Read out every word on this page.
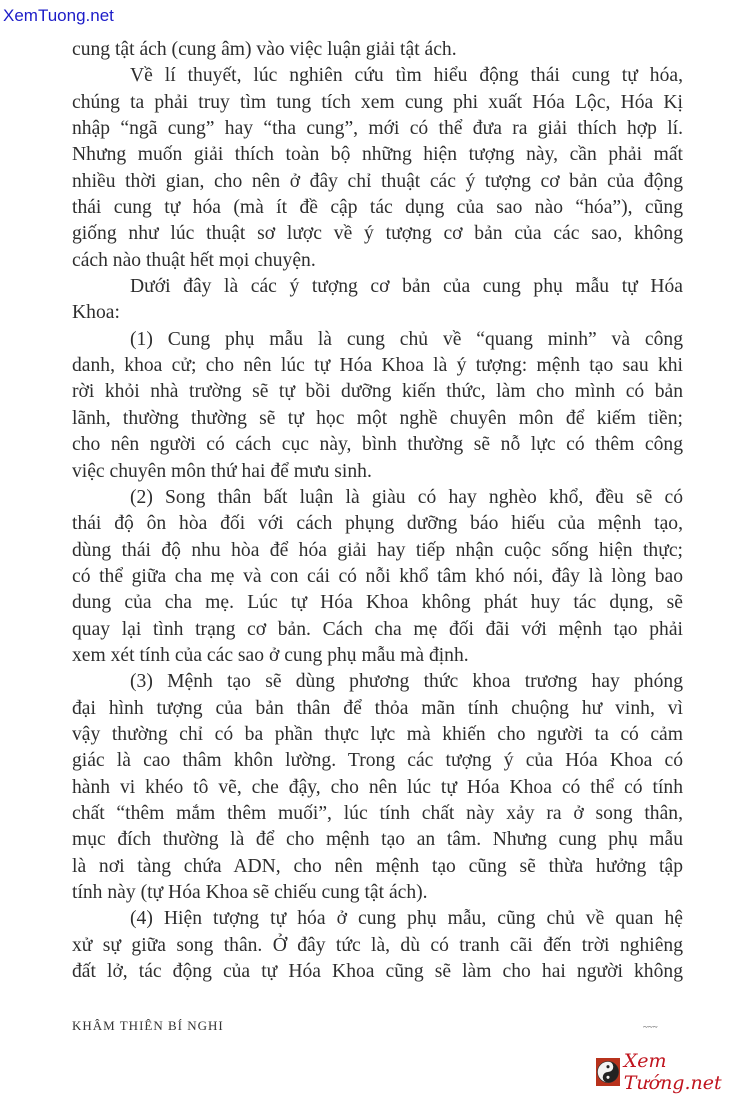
XemTuong.net
cung tật ách (cung âm) vào việc luận giải tật ách.
Về lí thuyết, lúc nghiên cứu tìm hiểu động thái cung tự hóa,
chúng ta phải truy tìm tung tích xem cung phi xuất Hóa Lộc, Hóa Kị
nhập “ngã cung” hay “tha cung”, mới có thể đưa ra giải thích hợp lí.
Nhưng muốn giải thích toàn bộ những hiện tượng này, cần phải mất
nhiều thời gian, cho nên ở đây chỉ thuật các ý tượng cơ bản của động
thái cung tự hóa (mà ít đề cập tác dụng của sao nào “hóa”), cũng
giống như lúc thuật sơ lược về ý tượng cơ bản của các sao, không
cách nào thuật hết mọi chuyện.
Dưới đây là các ý tượng cơ bản của cung phụ mẫu tự Hóa
Khoa:
(1) Cung phụ mẫu là cung chủ về “quang minh” và công
danh, khoa cử; cho nên lúc tự Hóa Khoa là ý tượng: mệnh tạo sau khi
rời khỏi nhà trường sẽ tự bồi dưỡng kiến thức, làm cho mình có bản
lãnh, thường thường sẽ tự học một nghề chuyên môn để kiếm tiền;
cho nên người có cách cục này, bình thường sẽ nỗ lực có thêm công
việc chuyên môn thứ hai để mưu sinh.
(2) Song thân bất luận là giàu có hay nghèo khổ, đều sẽ có
thái độ ôn hòa đối với cách phụng dưỡng báo hiếu của mệnh tạo,
dùng thái độ nhu hòa để hóa giải hay tiếp nhận cuộc sống hiện thực;
có thể giữa cha mẹ và con cái có nỗi khổ tâm khó nói, đây là lòng bao
dung của cha mẹ. Lúc tự Hóa Khoa không phát huy tác dụng, sẽ
quay lại tình trạng cơ bản. Cách cha mẹ đối đãi với mệnh tạo phải
xem xét tính của các sao ở cung phụ mẫu mà định.
(3) Mệnh tạo sẽ dùng phương thức khoa trương hay phóng
đại hình tượng của bản thân để thỏa mãn tính chuộng hư vinh, vì
vậy thường chỉ có ba phần thực lực mà khiến cho người ta có cảm
giác là cao thâm khôn lường. Trong các tượng ý của Hóa Khoa có
hành vi khéo tô vẽ, che đậy, cho nên lúc tự Hóa Khoa có thể có tính
chất “thêm mắm thêm muối”, lúc tính chất này xảy ra ở song thân,
mục đích thường là để cho mệnh tạo an tâm. Nhưng cung phụ mẫu
là nơi tàng chứa ADN, cho nên mệnh tạo cũng sẽ thừa hưởng tập
tính này (tự Hóa Khoa sẽ chiếu cung tật ách).
(4) Hiện tượng tự hóa ở cung phụ mẫu, cũng chủ về quan hệ
xử sự giữa song thân. Ở đây tức là, dù có tranh cãi đến trời nghiêng
đất lở, tác động của tự Hóa Khoa cũng sẽ làm cho hai người không
KHÂM THIÊN BÍ NGHI	~~~
Xem Tướng.net
